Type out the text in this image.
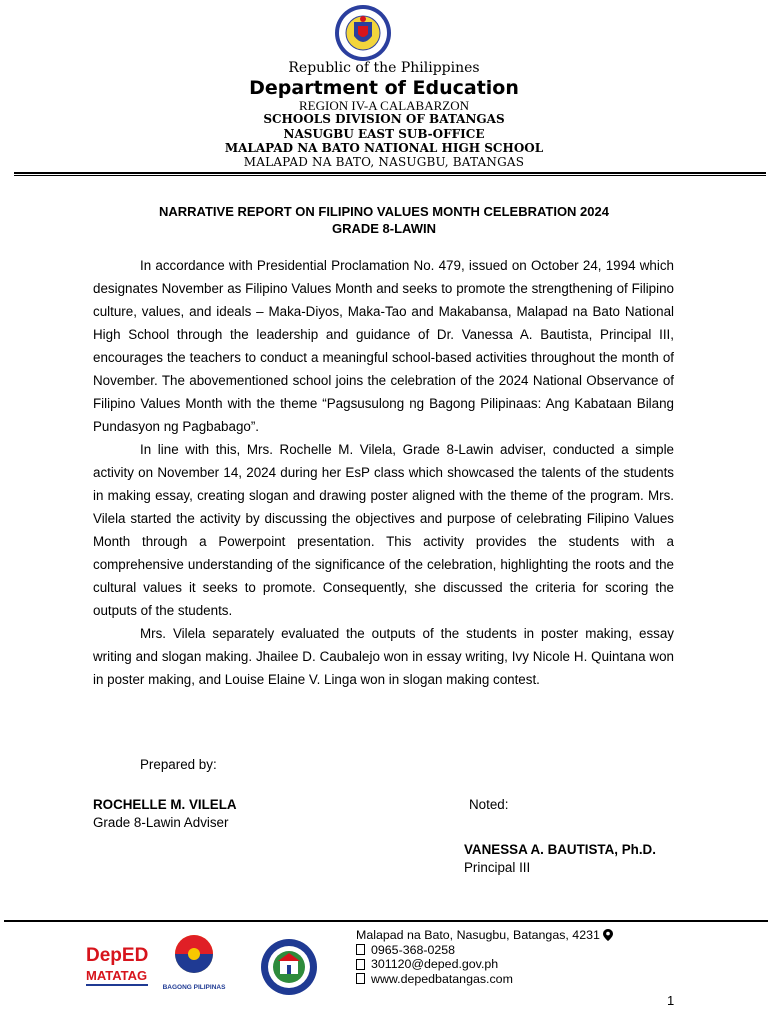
Republic of the Philippines
Department of Education
REGION IV-A CALABARZON
SCHOOLS DIVISION OF BATANGAS
NASUGBU EAST SUB-OFFICE
MALAPAD NA BATO NATIONAL HIGH SCHOOL
MALAPAD NA BATO, NASUGBU, BATANGAS
NARRATIVE REPORT ON FILIPINO VALUES MONTH CELEBRATION 2024
GRADE 8-LAWIN

In accordance with Presidential Proclamation No. 479, issued on October 24, 1994 which designates November as Filipino Values Month and seeks to promote the strengthening of Filipino culture, values, and ideals – Maka-Diyos, Maka-Tao and Makabansa, Malapad na Bato National High School through the leadership and guidance of Dr. Vanessa A. Bautista, Principal III, encourages the teachers to conduct a meaningful school-based activities throughout the month of November. The abovementioned school joins the celebration of the 2024 National Observance of Filipino Values Month with the theme “Pagsusulong ng Bagong Pilipinaas: Ang Kabataan Bilang Pundasyon ng Pagbabago”.

In line with this, Mrs. Rochelle M. Vilela, Grade 8-Lawin adviser, conducted a simple activity on November 14, 2024 during her EsP class which showcased the talents of the students in making essay, creating slogan and drawing poster aligned with the theme of the program. Mrs. Vilela started the activity by discussing the objectives and purpose of celebrating Filipino Values Month through a Powerpoint presentation. This activity provides the students with a comprehensive understanding of the significance of the celebration, highlighting the roots and the cultural values it seeks to promote. Consequently, she discussed the criteria for scoring the outputs of the students.

Mrs. Vilela separately evaluated the outputs of the students in poster making, essay writing and slogan making. Jhailee D. Caubalejo won in essay writing, Ivy Nicole H. Quintana won in poster making, and Louise Elaine V. Linga won in slogan making contest.

Prepared by:
ROCHELLE M. VILELA
Grade 8-Lawin Adviser
Noted:
VANESSA A. BAUTISTA, Ph.D.
Principal III
DepED
MATATAG
BAGONG PILIPINAS
Malapad na Bato, Nasugbu, Batangas, 4231
0965-368-0258
301120@deped.gov.ph
www.depedbatangas.com
1
